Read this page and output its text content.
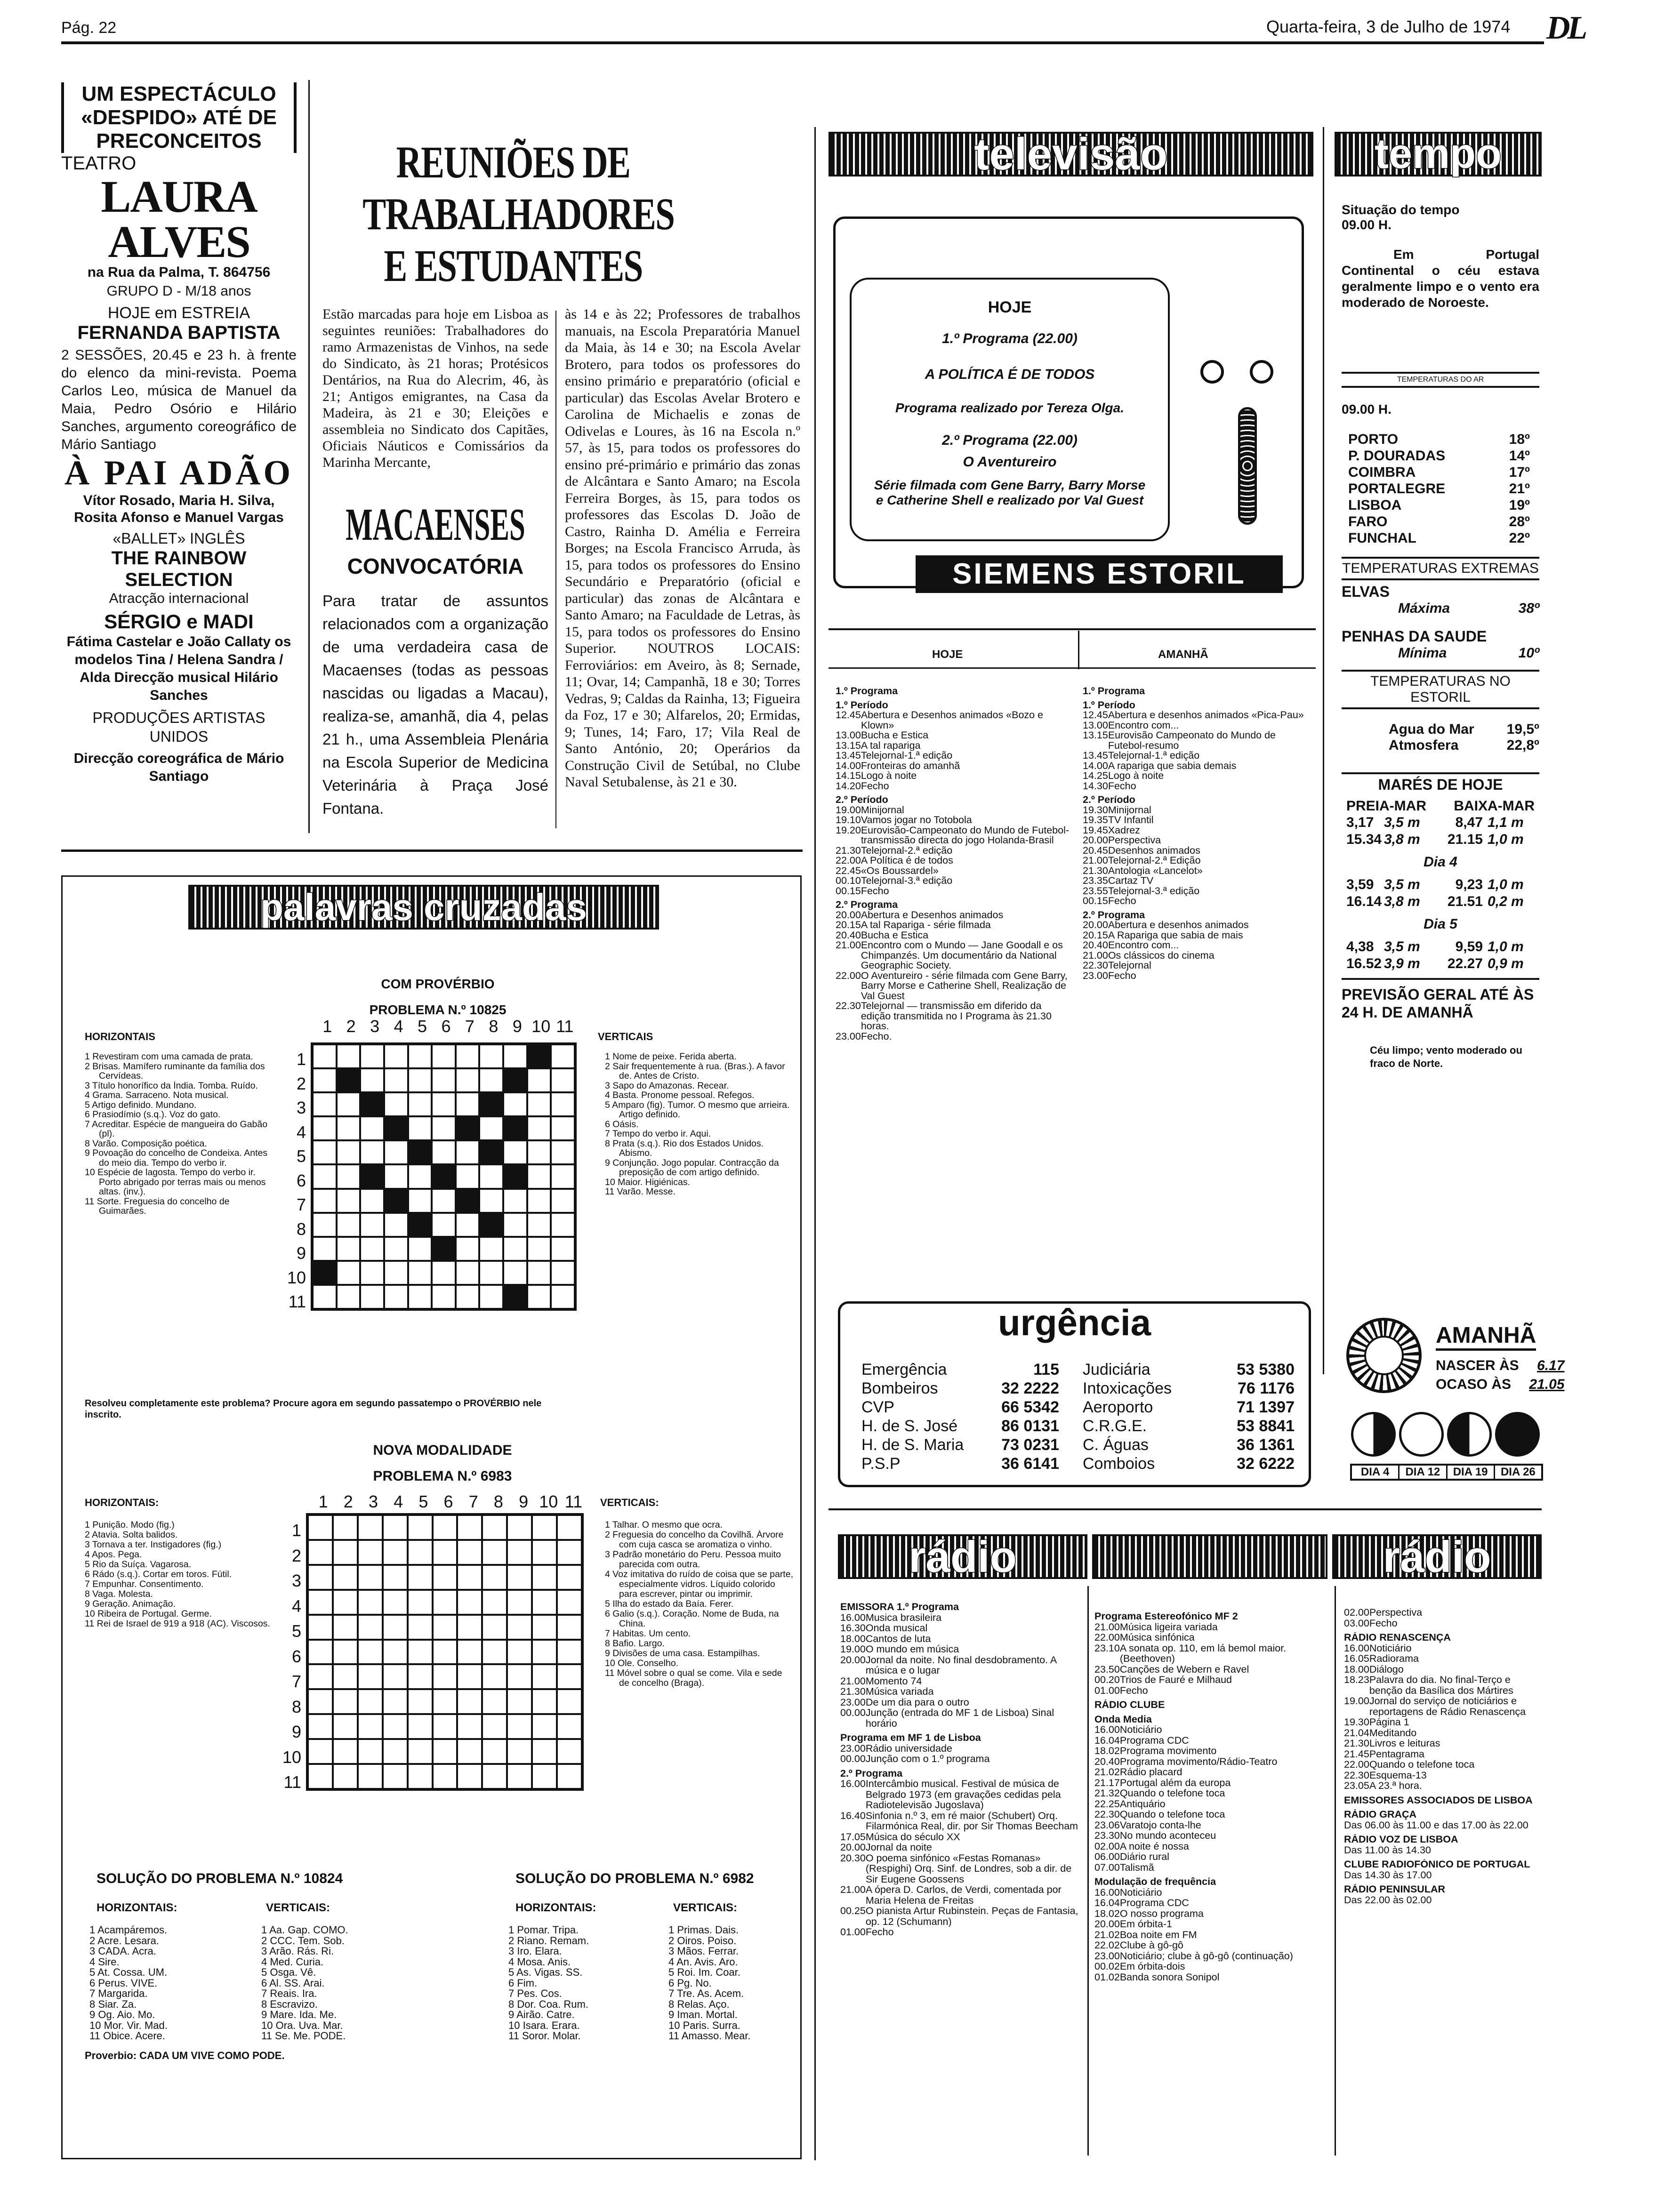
Pág. 22	Quarta-feira, 3 de Julho de 1974 DL
UM ESPECTÁCULO «DESPIDO» ATÉ DE PRECONCEITOS
TEATRO
LAURA ALVES
na Rua da Palma, T. 864756
GRUPO D - M/18 anos
HOJE em ESTREIA
FERNANDA BAPTISTA
2 SESSÕES, 20.45 e 23 h. à frente do elenco da mini-revista. Poema Carlos Leo, música de Manuel da Maia, Pedro Osório e Hilário Sanches, argumento coreográfico de Mário Santiago
À PAI ADÃO
Vítor Rosado, Maria H. Silva, Rosita Afonso e Manuel Vargas
«BALLET» INGLÊS
THE RAINBOW SELECTION
Atracção internacional
SÉRGIO e MADI
Fátima Castelar e João Callaty os modelos Tina / Helena Sandra / Alda Direcção musical Hilário Sanches
PRODUÇÕES ARTISTAS UNIDOS
Direcção coreográfica de Mário Santiago
REUNIÕES DE TRABALHADORES E ESTUDANTES
Estão marcadas para hoje em Lisboa as seguintes reuniões: Trabalhadores do ramo Armazenistas de Vinhos, na sede do Sindicato, às 21 horas; Protésicos Dentários, na Rua do Alecrim, 46, às 21; Antigos emigrantes, na Casa da Madeira, às 21 e 30; Eleições e assembleia no Sindicato dos Capitães, Oficiais Náuticos e Comissários da Marinha Mercante,
às 14 e às 22; Professores de trabalhos manuais, na Escola Preparatória Manuel da Maia, às 14 e 30; na Escola Avelar Brotero, para todos os professores do ensino primário e preparatório (oficial e particular) das Escolas Avelar Brotero e Carolina de Michaelis e zonas de Odivelas e Loures, às 16 na Escola n.º 57, às 15, para todos os professores do ensino pré-primário e primário das zonas de Alcântara e Santo Amaro; na Escola Ferreira Borges, às 15, para todos os professores das Escolas D. João de Castro, Rainha D. Amélia e Ferreira Borges; na Escola Francisco Arruda, às 15, para todos os professores do Ensino Secundário e Preparatório (oficial e particular) das zonas de Alcântara e Santo Amaro; na Faculdade de Letras, às 15, para todos os professores do Ensino Superior. NOUTROS LOCAIS: Ferroviários: em Aveiro, às 8; Sernade, 11; Ovar, 14; Campanhã, 18 e 30; Torres Vedras, 9; Caldas da Rainha, 13; Figueira da Foz, 17 e 30; Alfarelos, 20; Ermidas, 9; Tunes, 14; Faro, 17; Vila Real de Santo António, 20; Operários da Construção Civil de Setúbal, no Clube Naval Setubalense, às 21 e 30.
MACAENSES
CONVOCATÓRIA
Para tratar de assuntos relacionados com a organização de uma verdadeira casa de Macaenses (todas as pessoas nascidas ou ligadas a Macau), realiza-se, amanhã, dia 4, pelas 21 h., uma Assembleia Plenária na Escola Superior de Medicina Veterinária à Praça José Fontana.
televisão
HOJE
1.º Programa (22.00)
A POLÍTICA É DE TODOS
Programa realizado por Tereza Olga.
2.º Programa (22.00)
O Aventureiro
Série filmada com Gene Barry, Barry Morse e Catherine Shell e realizado por Val Guest
SIEMENS ESTORIL
HOJE	AMANHÃ
1.º Programa
1.º Período
12.45 Abertura e Desenhos animados «Bozo e Klown»
13.00 Bucha e Estica
13.15 A tal rapariga
13.45 Telejornal-1.ª edição
14.00 Fronteiras do amanhã
14.15 Logo à noite
14.20 Fecho
2.º Período
19.00 Minijornal
19.10 Vamos jogar no Totobola
19.20 Eurovisão-Campeonato do Mundo de Futebol-transmissão directa do jogo Holanda-Brasil
21.30 Telejornal-2.ª edição
22.00 A Política é de todos
22.45 «Os Boussardel»
00.10 Telejornal-3.ª edição
00.15 Fecho
2.º Programa
20.00 Abertura e Desenhos animados
20.15 A tal Rapariga - série filmada
20.40 Bucha e Estica
21.00 Encontro com o Mundo — Jane Goodall e os Chimpanzés. Um documentário da National Geographic Society.
22.00 O Aventureiro - série filmada com Gene Barry, Barry Morse e Catherine Shell, Realização de Val Guest
22.30 Telejornal — transmissão em diferido da edição transmitida no I Programa às 21.30 horas.
23.00 Fecho.
1.º Programa
1.º Período
12.45 Abertura e desenhos animados «Pica-Pau»
13.00 Encontro com...
13.15 Eurovisão Campeonato do Mundo de Futebol-resumo
13.45 Telejornal-1.ª edição
14.00 A rapariga que sabia demais
14.25 Logo à noite
14.30 Fecho
2.º Período
19.30 Minijornal
19.35 TV Infantil
19.45 Xadrez
20.00 Perspectiva
20.45 Desenhos animados
21.00 Telejornal-2.ª Edição
21.30 Antologia «Lancelot»
23.35 Cartaz TV
23.55 Telejornal-3.ª edição
00.15 Fecho
2.º Programa
20.00 Abertura e desenhos animados
20.15 A Rapariga que sabia de mais
20.40 Encontro com...
21.00 Os clássicos do cinema
22.30 Telejornal
23.00 Fecho
tempo
Situação do tempo
09.00 H.
Em Portugal Continental o céu estava geralmente limpo e o vento era moderado de Noroeste.
TEMPERATURAS DO AR
09.00 H.
PORTO	18º
P. DOURADAS	14º
COIMBRA	17º
PORTALEGRE	21º
LISBOA	19º
FARO	28º
FUNCHAL	22º
TEMPERATURAS EXTREMAS
ELVAS
Máxima	38º
PENHAS DA SAUDE
Mínima	10º
TEMPERATURAS NO ESTORIL
Agua do Mar 19,5º
Atmosfera	22,8º
MARÉS DE HOJE
PREIA-MAR BAIXA-MAR
3,17 3,5 m	8,47 1,1 m
15.34 3,8 m	21.15 1,0 m
Dia 4
3,59 3,5 m	9,23 1,0 m
16.14 3,8 m	21.51 0,2 m
Dia 5
4,38 3,5 m	9,59 1,0 m
16.52 3,9 m	22.27 0,9 m
PREVISÃO GERAL ATÉ ÀS 24 H. DE AMANHÃ
Céu limpo; vento moderado ou fraco de Norte.
urgência
Emergência	115
Bombeiros	32 2222
CVP	66 5342
H. de S. José	86 0131
H. de S. Maria 73 0231
P.S.P	36 6141
Judiciária	53 5380
Intoxicações	76 1176
Aeroporto	71 1397
C.R.G.E.	53 8841
C. Águas	36 1361
Comboios	32 6222
AMANHÃ
NASCER ÀS 6.17
OCASO ÀS 21.05
DIA 4	DIA 12	DIA 19	DIA 26
rádio	rádio
EMISSORA 1.º Programa
16.00 Musica brasileira
16.30 Onda musical
18.00 Cantos de luta
19.00 O mundo em música
20.00 Jornal da noite. No final desdobramento. A música e o lugar
21.00 Momento 74
21.30 Música variada
23.00 De um dia para o outro
00.00 Junção (entrada do MF 1 de Lisboa) Sinal horário
Programa em MF 1 de Lisboa
23.00 Rádio universidade
00.00 Junção com o 1.º programa
2.º Programa
16.00 Intercâmbio musical. Festival de música de Belgrado 1973 (em gravações cedidas pela Radiotelevisão Jugoslava)
16.40 Sinfonia n.º 3, em ré maior (Schubert) Orq. Filarmónica Real, dir. por Sir Thomas Beecham
17.05 Música do século XX
20.00 Jornal da noite
20.30 O poema sinfónico «Festas Romanas» (Respighi) Orq. Sinf. de Londres, sob a dir. de Sir Eugene Goossens
21.00 A ópera D. Carlos, de Verdi, comentada por Maria Helena de Freitas
00.25 O pianista Artur Rubinstein. Peças de Fantasia, op. 12 (Schumann)
01.00 Fecho
Programa Estereofónico MF 2
21.00 Música ligeira variada
22.00 Música sinfónica
23.10 A sonata op. 110, em lá bemol maior. (Beethoven)
23.50 Canções de Webern e Ravel
00.20 Trios de Fauré e Milhaud
01.00 Fecho
RÁDIO CLUBE
Onda Media
16.00 Noticiário
16.04 Programa CDC
18.02 Programa movimento
20.40 Programa movimento/Rádio-Teatro
21.02 Rádio placard
21.17 Portugal além da europa
21.32 Quando o telefone toca
22.25 Antiquário
22.30 Quando o telefone toca
23.06 Varatojo conta-lhe
23.30 No mundo aconteceu
02.00 A noite é nossa
06.00 Diário rural
07.00 Talismã
Modulação de frequência
16.00 Noticiário
16.04 Programa CDC
18.02 O nosso programa
20.00 Em órbita-1
21.02 Boa noite em FM
22.02 Clube à gô-gô
23.00 Noticiário; clube à gô-gô (continuação)
00.02 Em órbita-dois
01.02 Banda sonora Sonipol
02.00 Perspectiva
03.00 Fecho
RÁDIO RENASCENÇA
16.00 Noticiário
16.05 Radiorama
18.00 Diálogo
18.23 Palavra do dia. No final-Terço e benção da Basílica dos Mártires
19.00 Jornal do serviço de noticiários e reportagens de Rádio Renascença
19.30 Página 1
21.04 Meditando
21.30 Livros e leituras
21.45 Pentagrama
22.00 Quando o telefone toca
22.30 Esquema-13
23.05 A 23.ª hora.
EMISSORES ASSOCIADOS DE LISBOA
RÁDIO GRAÇA
Das 06.00 às 11.00 e das 17.00 às 22.00
RÁDIO VOZ DE LISBOA
Das 11.00 às 14.30
CLUBE RADIOFÓNICO DE PORTUGAL
Das 14.30 às 17.00
RÁDIO PENINSULAR
Das 22.00 às 02.00
palavras cruzadas
COM PROVÉRBIO
PROBLEMA N.º 10825
HORIZONTAIS	VERTICAIS
1 2 3 4 5 6 7 8 9 10 11
1
2
3
4
5
6
7
8
9
10
11
1 Revestiram com uma camada de prata.
2 Brisas. Mamífero ruminante da família dos Cervídeas.
3 Título honorífico da Índia. Tomba. Ruído.
4 Grama. Sarraceno. Nota musical.
5 Artigo definido. Mundano.
6 Prasiodímio (s.q.). Voz do gato.
7 Acreditar. Espécie de mangueira do Gabão (pl).
8 Varão. Composição poética.
9 Povoação do concelho de Condeixa. Antes do meio dia. Tempo do verbo ir.
10 Espécie de lagosta. Tempo do verbo ir. Porto abrigado por terras mais ou menos altas. (inv.).
11 Sorte. Freguesia do concelho de Guimarães.
1 Nome de peixe. Ferida aberta.
2 Sair frequentemente à rua. (Bras.). A favor de. Antes de Cristo.
3 Sapo do Amazonas. Recear.
4 Basta. Pronome pessoal. Refegos.
5 Amparo (fig). Tumor. O mesmo que arrieira. Artigo definido.
6 Oásis.
7 Tempo do verbo ir. Aqui.
8 Prata (s.q.). Rio dos Estados Unidos. Abismo.
9 Conjunção. Jogo popular. Contracção da preposição de com artigo definido.
10 Maior. Higiénicas.
11 Varão. Messe.
Resolveu completamente este problema? Procure agora em segundo passatempo o PROVÉRBIO nele inscrito.
NOVA MODALIDADE
PROBLEMA N.º 6983
HORIZONTAIS:	VERTICAIS:
1 2 3 4 5 6 7 8 9 10 11
1
2
3
4
5
6
7
8
9
10
11
1 Punição. Modo (fig.)
2 Atavia. Solta balidos.
3 Tornava a ter. Instigadores (fig.)
4 Apos. Pega.
5 Rio da Suíça. Vagarosa.
6 Rádo (s.q.). Cortar em toros. Fútil.
7 Empunhar. Consentimento.
8 Vaga. Molesta.
9 Geração. Animação.
10 Ribeira de Portugal. Germe.
11 Rei de Israel de 919 a 918 (AC). Viscosos.
1 Talhar. O mesmo que ocra.
2 Freguesia do concelho da Covilhã. Árvore com cuja casca se aromatiza o vinho.
3 Padrão monetário do Peru. Pessoa muito parecida com outra.
4 Voz imitativa do ruído de coisa que se parte, especialmente vidros. Líquido colorido para escrever, pintar ou imprimir.
5 Ilha do estado da Baía. Ferer.
6 Galio (s.q.). Coração. Nome de Buda, na China.
7 Habitas. Um cento.
8 Bafio. Largo.
9 Divisões de uma casa. Estampilhas.
10 Ole. Conselho.
11 Móvel sobre o qual se come. Vila e sede de concelho (Braga).
SOLUÇÃO DO PROBLEMA N.º 10824	SOLUÇÃO DO PROBLEMA N.º 6982
HORIZONTAIS:	VERTICAIS:	HORIZONTAIS:	VERTICAIS:
1 Acampáremos.
2 Acre. Lesara.
3 CADA. Acra.
4 Sire.
5 At. Cossa. UM.
6 Perus. VIVE.
7 Margarida.
8 Siar. Za.
9 Og. Aio. Mo.
10 Mor. Vir. Mad.
11 Obice. Acere.
1 Aa. Gap. COMO.
2 CCC. Tem. Sob.
3 Arão. Rás. Ri.
4 Med. Curia.
5 Osga. Vê.
6 Al. SS. Arai.
7 Reais. Ira.
8 Escravizo.
9 Mare. Ida. Me.
10 Ora. Uva. Mar.
11 Se. Me. PODE.
1 Pomar. Tripa.
2 Riano. Remam.
3 Iro. Elara.
4 Mosa. Anis.
5 As. Vigas. SS.
6 Fim.
7 Pes. Cos.
8 Dor. Coa. Rum.
9 Airão. Catre.
10 Isara. Erara.
11 Soror. Molar.
1 Primas. Dais.
2 Oiros. Poiso.
3 Mãos. Ferrar.
4 An. Avis. Aro.
5 Roi. Im. Coar.
6 Pg. No.
7 Tre. As. Acem.
8 Relas. Aço.
9 Iman. Mortal.
10 Paris. Surra.
11 Amasso. Mear.
Proverbio: CADA UM VIVE COMO PODE.
